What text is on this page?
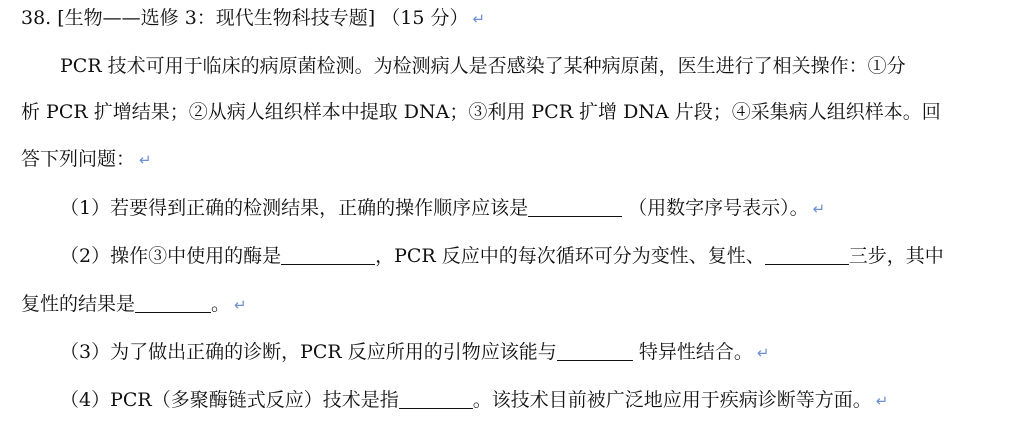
38. [生物——选修 3：现代生物科技专题] （15 分） ↵
PCR 技术可用于临床的病原菌检测。为检测病人是否感染了某种病原菌，医生进行了相关操作：①分
析 PCR 扩增结果；②从病人组织样本中提取 DNA；③利用 PCR 扩增 DNA 片段；④采集病人组织样本。回
答下列问题： ↵
（1）若要得到正确的检测结果，正确的操作顺序应该是	（用数字序号表示）。 ↵
（2）操作③中使用的酶是	，PCR 反应中的每次循环可分为变性、复性、	三步，其中
复性的结果是	。 ↵
（3）为了做出正确的诊断，PCR 反应所用的引物应该能与	特异性结合。 ↵
（4）PCR（多聚酶链式反应）技术是指	。该技术目前被广泛地应用于疾病诊断等方面。 ↵
